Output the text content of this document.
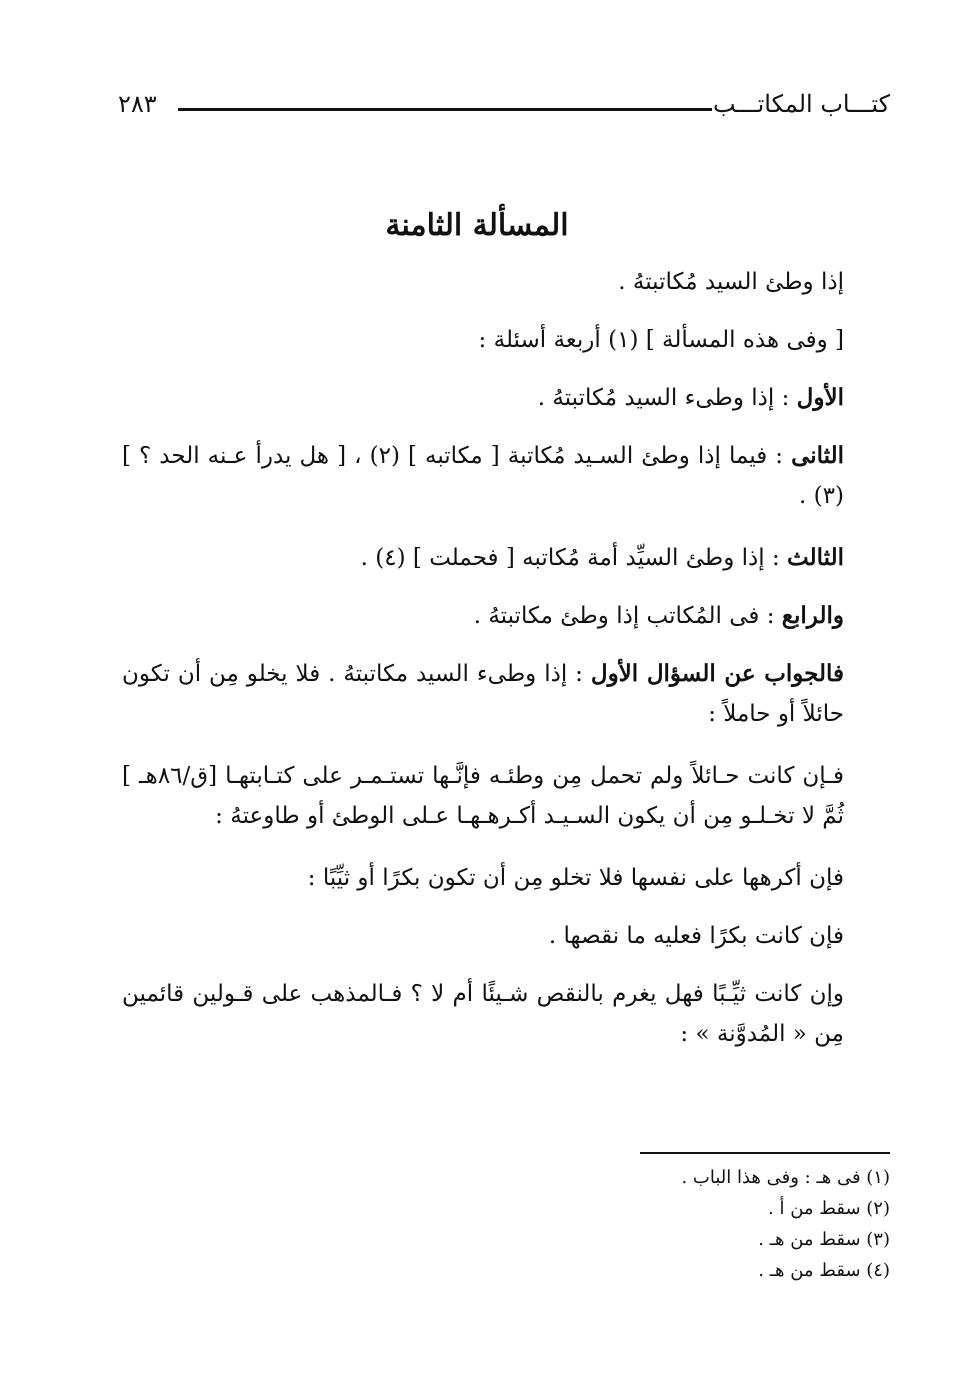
كتـــاب المكاتـــب
٢٨٣
المسألة الثامنة

إذا وطئ السيد مُكاتبتهُ .

[ وفى هذه المسألة ] (١) أربعة أسئلة :

الأول : إذا وطىء السيد مُكاتبتهُ .

الثانى : فيما إذا وطئ السـيد مُكاتبة [ مكاتبه ] (٢) ، [ هل يدرأ عـنه الحد ؟ ] (٣) .

الثالث : إذا وطئ السيِّد أمة مُكاتبه [ فحملت ] (٤) .

والرابع : فى المُكاتب إذا وطئ مكاتبتهُ .

فالجواب عن السؤال الأول : إذا وطىء السيد مكاتبتهُ . فلا يخلو مِن أن تكون حائلاً أو حاملاً :

فـإن كانت حـائلاً ولم تحمل مِن وطئـه فإنَّـها تستـمـر على كتـابتهـا [ق/٨٦هـ ] ثُمَّ لا تخـلـو مِن أن يكون السـيـد أكـرهـهـا عـلى الوطئ أو طاوعتهُ :

فإن أكرهها على نفسها فلا تخلو مِن أن تكون بكرًا أو ثيِّبًا :

فإن كانت بكرًا فعليه ما نقصها .

وإن كانت ثيِّـبًا فهل يغرم بالنقص شـيئًا أم لا ؟ فـالمذهب على قـولين قائمين مِن « المُدوَّنة » :

(١) فى هـ : وفى هذا الباب .
(٢) سقط من أ .
(٣) سقط من هـ .
(٤) سقط من هـ .
